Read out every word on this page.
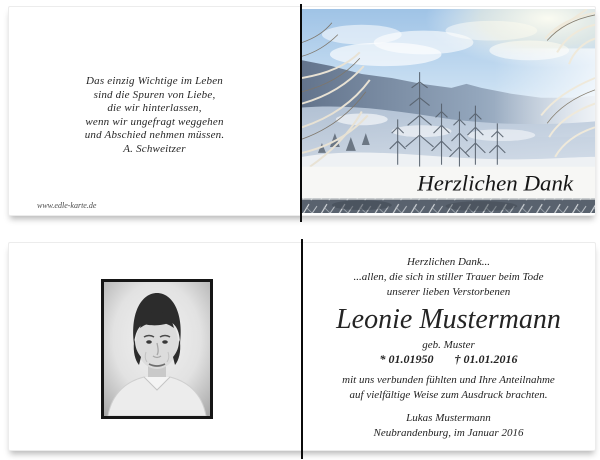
Das einzig Wichtige im Leben
sind die Spuren von Liebe,
die wir hinterlassen,
wenn wir ungefragt weggehen
und Abschied nehmen müssen.
A. Schweitzer
www.edle-karte.de
Herzlichen Dank
Herzlichen Dank...
...allen, die sich in stiller Trauer beim Tode
unserer lieben Verstorbenen
Leonie Mustermann
geb. Muster
* 01.01950 † 01.01.2016
mit uns verbunden fühlten und Ihre Anteilnahme
auf vielfältige Weise zum Ausdruck brachten.
Lukas Mustermann
Neubrandenburg, im Januar 2016
